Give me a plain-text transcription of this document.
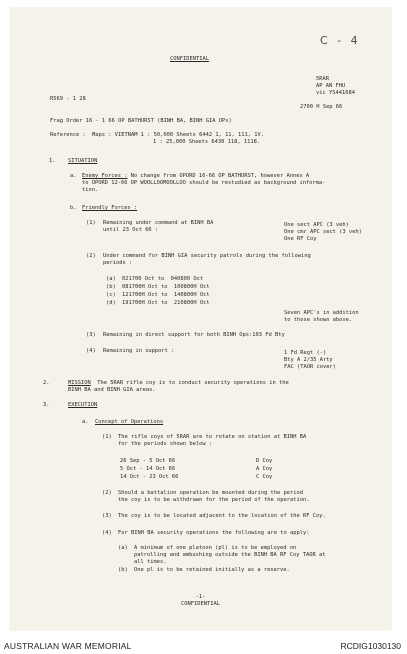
CONFIDENTIAL
C - 4
5RAR
AP AN FHU
vic YS441684
2700 H Sep 66
R569 - 1 28
Frag Order 16 - 1 66 OP BATHURST (BINH BA, BINH GIA OPs)
Reference : Maps : VIETNAM 1 : 50,000 Sheets 6442 1, 11, 111, 1V.
1 : 25,000 Sheets 6430 118, 1118.
1. SITUATION
a. Enemy Forces : No change from OPORD 16-66 OP BATHURST, however Annex A
to OPORD 12-66 OP WOOLLOOMOOLLOO should be restudied as background informa-
tion.
b. Friendly Forces :
(1) Remaining under command at BINH BA
until 23 Oct 66 :
One sect APC (3 veh)
One cmr APC sect (3 veh)
One RF Coy
(2) Under command for BINH GIA security patrols during the following
periods :
(a) 021700 Oct to  040800 Oct
(b) 081700H Oct to  100800H Oct
(c) 121700H Oct to  140800H Oct
(d) 191700H Oct to  210800H Oct
Seven APC's in addition
to those shown above.
(3) Remaining in direct support for both BINH Ops:103 Fd Bty
(4) Remaining in support :	1 Fd Regt (-)
Bty A 2/35 Arty
FAC (TAOR cover)
2.	MISSION  The 5RAR rifle coy is to conduct security operations in the
BINH BA and BINH GIA areas.
3.	EXECUTION
a. Concept of Operations
(1) The rifle coys of 5RAR are to rotate on station at BINH BA
for the periods shown below :
26 Sep - 5 Oct 66	D Coy
5 Oct - 14 Oct 66	A Coy
14 Oct - 23 Oct 66	C Coy
(2) Should a battalion operation be mounted during the period
the coy is to be withdrawn for the period of the operation.
(3) The coy is to be located adjacent to the location of the RF Coy.
(4) For BINH BA security operations the following are to apply:
(a) A minimum of one platoon (pl) is to be employed on
patrolling and ambushing outside the BINH BA RF Coy TAOR at
all times.
(b) One pl is to be retained initially as a reserve.
-1-
CONFIDENTIAL
AUSTRALIAN WAR MEMORIAL	RCDIG1030130
